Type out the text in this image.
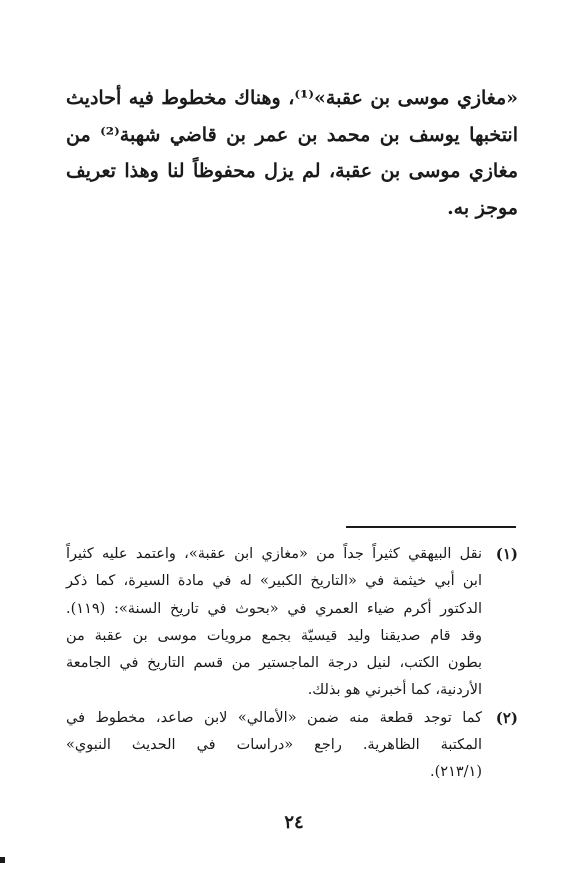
«مغازي موسى بن عقبة»⁽¹⁾، وهناك مخطوط فيه أحاديث
انتخبها يوسف بن محمد بن عمر بن قاضي شهبة⁽²⁾ من
مغازي موسى بن عقبة، لم يزل محفوظاً لنا وهذا تعريف
موجز به.
(١)
نقل البيهقي كثيراً جداً من «مغازي ابن عقبة»، واعتمد عليه كثيراً
ابن أبي خيثمة في «التاريخ الكبير» له في مادة السيرة، كما ذكر
الدكتور أكرم ضياء العمري في «بحوث في تاريخ السنة»: (١١٩).
وقد قام صديقنا وليد قيسيّة بجمع مرويات موسى بن عقبة من
بطون الكتب، لنيل درجة الماجستير من قسم التاريخ في الجامعة
الأردنية، كما أخبرني هو بذلك.
(٢)
كما توجد قطعة منه ضمن «الأمالي» لابن صاعد، مخطوط في
المكتبة الظاهرية. راجع «دراسات في الحديث النبوي»
(٢١٣/١).
٢٤
